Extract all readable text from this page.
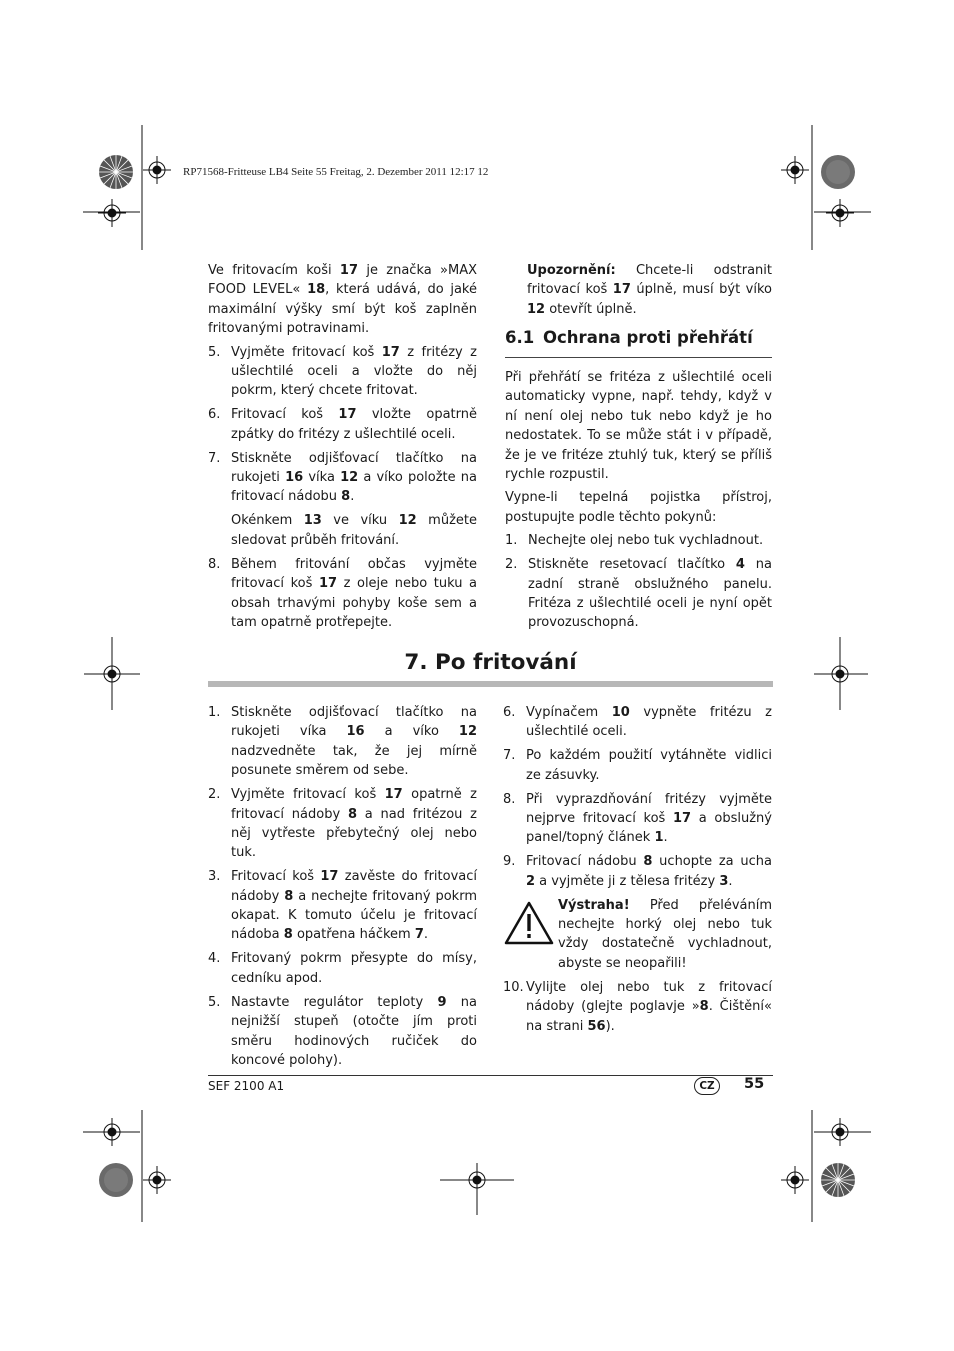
RP71568-Fritteuse LB4 Seite 55 Freitag, 2. Dezember 2011 12:17 12

Ve fritovacím koši 17 je značka »MAX FOOD LEVEL« 18, která udává, do jaké maximální výšky smí být koš zaplněn fritovanými potravinami.

5. Vyjměte fritovací koš 17 z fritézy z ušlechtilé oceli a vložte do něj pokrm, který chcete fritovat.
6. Fritovací koš 17 vložte opatrně zpátky do fritézy z ušlechtilé oceli.
7. Stiskněte odjišťovací tlačítko na rukojeti 16 víka 12 a víko položte na fritovací nádobu 8.
Okénkem 13 ve víku 12 můžete sledovat průběh fritování.
8. Během fritování občas vyjměte fritovací koš 17 z oleje nebo tuku a obsah trhavými pohyby koše sem a tam opatrně protřepejte.

Upozornění: Chcete-li odstranit fritovací koš 17 úplně, musí být víko 12 otevřít úplně.

6.1 Ochrana proti přehřátí

Při přehřátí se fritéza z ušlechtilé oceli automaticky vypne, např. tehdy, když v ní není olej nebo tuk nebo když je ho nedostatek. To se může stát i v případě, že je ve fritéze ztuhlý tuk, který se příliš rychle rozpustil.

Vypne-li tepelná pojistka přístroj, postupujte podle těchto pokynů:

1. Nechejte olej nebo tuk vychladnout.
2. Stiskněte resetovací tlačítko 4 na zadní straně obslužného panelu. Fritéza z ušlechtilé oceli je nyní opět provozuschopná.
7. Po fritování
1. Stiskněte odjišťovací tlačítko na rukojeti víka 16 a víko 12 nadzvedněte tak, že jej mírně posunete směrem od sebe.
2. Vyjměte fritovací koš 17 opatrně z fritovací nádoby 8 a nad fritézou z něj vytřeste přebytečný olej nebo tuk.
3. Fritovací koš 17 zavěste do fritovací nádoby 8 a nechejte fritovaný pokrm okapat. K tomuto účelu je fritovací nádoba 8 opatřena háčkem 7.
4. Fritovaný pokrm přesypte do mísy, cedníku apod.
5. Nastavte regulátor teploty 9 na nejnižší stupeň (otočte jím proti směru hodinových ručiček do koncové polohy).
6. Vypínačem 10 vypněte fritézu z ušlechtilé oceli.
7. Po každém použití vytáhněte vidlici ze zásuvky.
8. Při vyprazdňování fritézy vyjměte nejprve fritovací koš 17 a obslužný panel/topný článek 1.
9. Fritovací nádobu 8 uchopte za ucha 2 a vyjměte ji z tělesa fritézy 3.
Výstraha! Před přeléváním nechejte horký olej nebo tuk vždy dostatečně vychladnout, abyste se neopařili!
10. Vylijte olej nebo tuk z fritovací nádoby (glejte poglavje »8. Čištění« na strani 56).
SEF 2100 A1	CZ	55
